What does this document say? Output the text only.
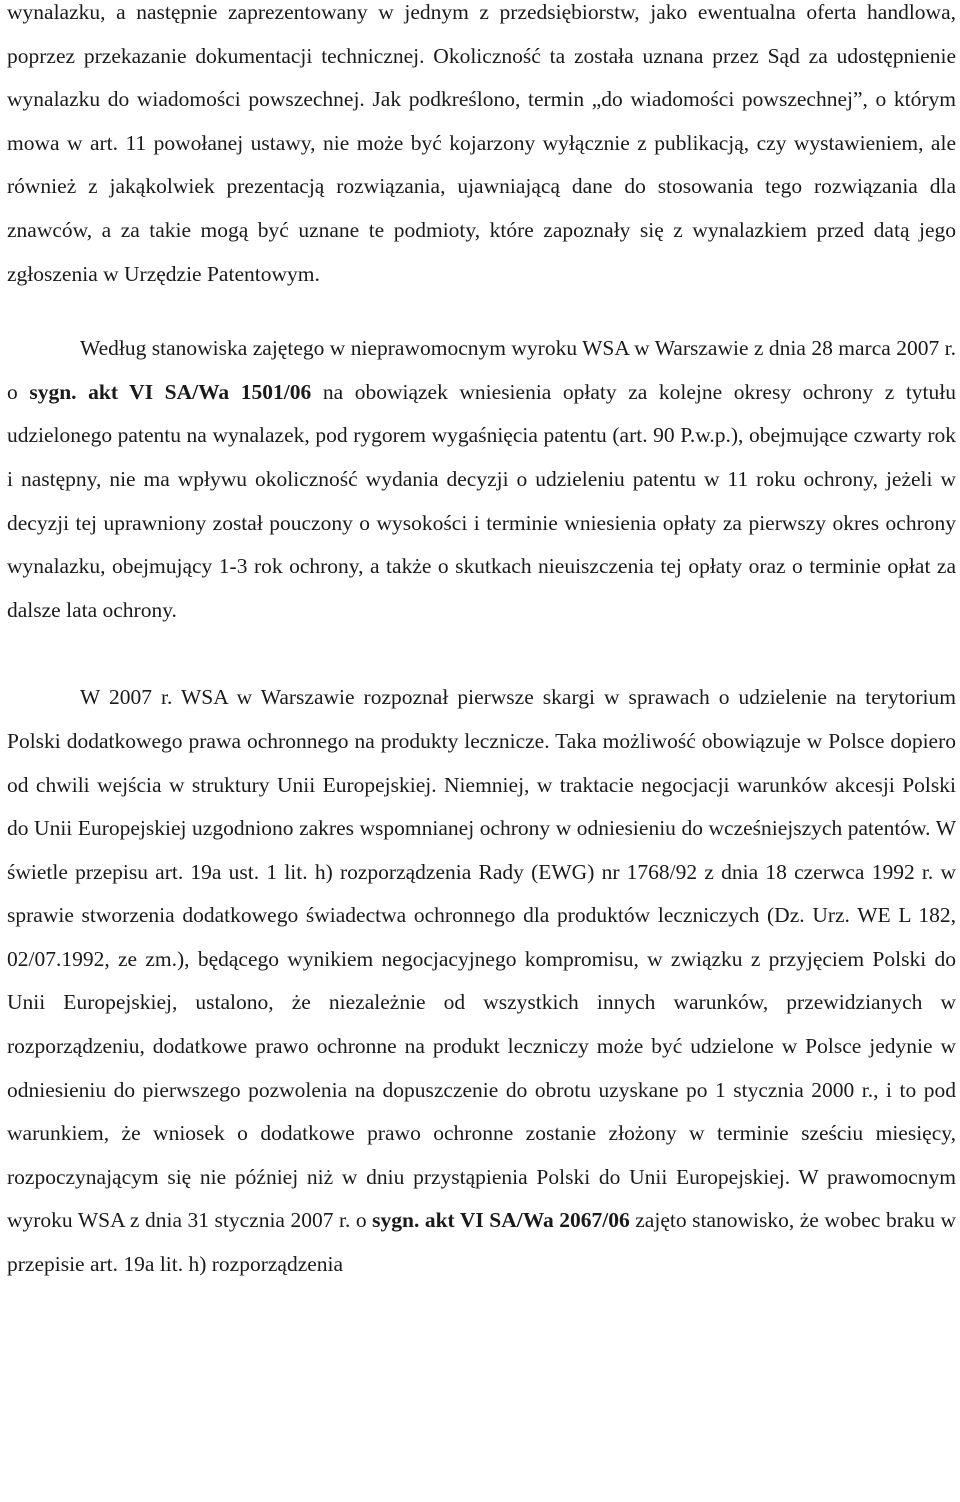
wynalazku, a następnie zaprezentowany w jednym z przedsiębiorstw, jako ewentualna oferta handlowa, poprzez przekazanie dokumentacji technicznej. Okoliczność ta została uznana przez Sąd za udostępnienie wynalazku do wiadomości powszechnej. Jak podkreślono, termin „do wiadomości powszechnej”, o którym mowa w art. 11 powołanej ustawy, nie może być kojarzony wyłącznie z publikacją, czy wystawieniem, ale również z jakąkolwiek prezentacją rozwiązania, ujawniającą dane do stosowania tego rozwiązania dla znawców, a za takie mogą być uznane te podmioty, które zapoznały się z wynalazkiem przed datą jego zgłoszenia w Urzędzie Patentowym.

Według stanowiska zajętego w nieprawomocnym wyroku WSA w Warszawie z dnia 28 marca 2007 r. o sygn. akt VI SA/Wa 1501/06 na obowiązek wniesienia opłaty za kolejne okresy ochrony z tytułu udzielonego patentu na wynalazek, pod rygorem wygaśnięcia patentu (art. 90 P.w.p.), obejmujące czwarty rok i następny, nie ma wpływu okoliczność wydania decyzji o udzieleniu patentu w 11 roku ochrony, jeżeli w decyzji tej uprawniony został pouczony o wysokości i terminie wniesienia opłaty za pierwszy okres ochrony wynalazku, obejmujący 1-3 rok ochrony, a także o skutkach nieuiszczenia tej opłaty oraz o terminie opłat za dalsze lata ochrony.

W 2007 r. WSA w Warszawie rozpoznał pierwsze skargi w sprawach o udzielenie na terytorium Polski dodatkowego prawa ochronnego na produkty lecznicze. Taka możliwość obowiązuje w Polsce dopiero od chwili wejścia w struktury Unii Europejskiej. Niemniej, w traktacie negocjacji warunków akcesji Polski do Unii Europejskiej uzgodniono zakres wspomnianej ochrony w odniesieniu do wcześniejszych patentów. W świetle przepisu art. 19a ust. 1 lit. h) rozporządzenia Rady (EWG) nr 1768/92 z dnia 18 czerwca 1992 r. w sprawie stworzenia dodatkowego świadectwa ochronnego dla produktów leczniczych (Dz. Urz. WE L 182, 02/07.1992, ze zm.), będącego wynikiem negocjacyjnego kompromisu, w związku z przyjęciem Polski do Unii Europejskiej, ustalono, że niezależnie od wszystkich innych warunków, przewidzianych w rozporządzeniu, dodatkowe prawo ochronne na produkt leczniczy może być udzielone w Polsce jedynie w odniesieniu do pierwszego pozwolenia na dopuszczenie do obrotu uzyskane po 1 stycznia 2000 r., i to pod warunkiem, że wniosek o dodatkowe prawo ochronne zostanie złożony w terminie sześciu miesięcy, rozpoczynającym się nie później niż w dniu przystąpienia Polski do Unii Europejskiej. W prawomocnym wyroku WSA z dnia 31 stycznia 2007 r. o sygn. akt VI SA/Wa 2067/06 zajęto stanowisko, że wobec braku w przepisie art. 19a lit. h) rozporządzenia
